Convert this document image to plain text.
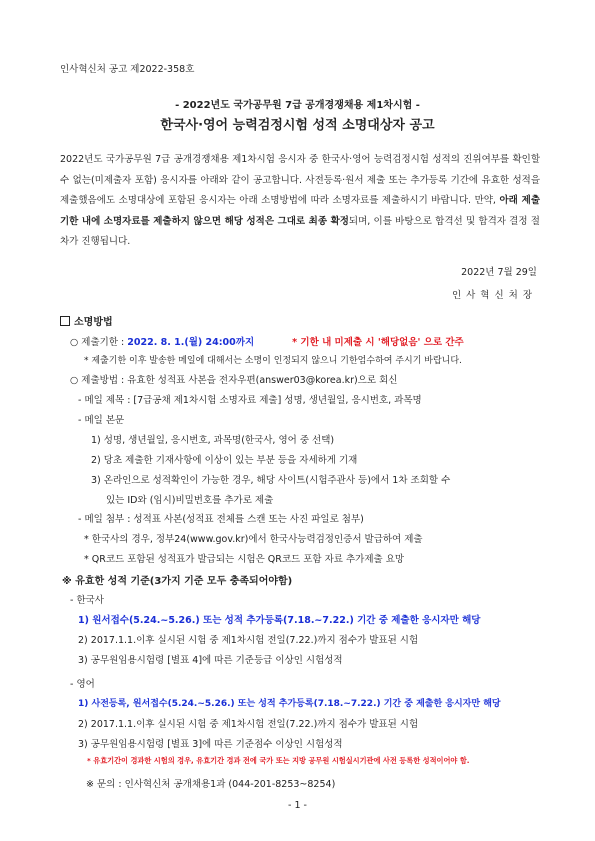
인사혁신처 공고 제2022-358호
- 2022년도 국가공무원 7급 공개경쟁채용 제1차시험 -
한국사·영어 능력검정시험 성적 소명대상자 공고
2022년도 국가공무원 7급 공개경쟁채용 제1차시험 응시자 중 한국사·영어 능력검정시험 성적의 진위여부를 확인할 수 없는(미제출자 포함) 응시자를 아래와 같이 공고합니다. 사전등록·원서 제출 또는 추가등록 기간에 유효한 성적을 제출했음에도 소명대상에 포함된 응시자는 아래 소명방법에 따라 소명자료를 제출하시기 바랍니다. 만약, 아래 제출기한 내에 소명자료를 제출하지 않으면 해당 성적은 그대로 최종 확정되며, 이를 바탕으로 합격선 및 합격자 결정 절차가 진행됩니다.
2022년 7월 29일
인사혁신처장
소명방법
○ 제출기한 : 2022. 8. 1.(월) 24:00까지	* 기한 내 미제출 시 '해당없음' 으로 간주
* 제출기한 이후 발송한 메일에 대해서는 소명이 인정되지 않으니 기한엄수하여 주시기 바랍니다.
○ 제출방법 : 유효한 성적표 사본을 전자우편(answer03@korea.kr)으로 회신
- 메일 제목 : [7급공채 제1차시험 소명자료 제출] 성명, 생년월일, 응시번호, 과목명
- 메일 본문
1) 성명, 생년월일, 응시번호, 과목명(한국사, 영어 중 선택)
2) 당초 제출한 기재사항에 이상이 있는 부분 등을 자세하게 기재
3) 온라인으로 성적확인이 가능한 경우, 해당 사이트(시험주관사 등)에서 1차 조회할 수
있는 ID와 (임시)비밀번호를 추가로 제출
- 메일 첨부 : 성적표 사본(성적표 전체를 스캔 또는 사진 파일로 첨부)
* 한국사의 경우, 정부24(www.gov.kr)에서 한국사능력검정인증서 발급하여 제출
* QR코드 포함된 성적표가 발급되는 시험은 QR코드 포함 자료 추가제출 요망
※ 유효한 성적 기준(3가지 기준 모두 충족되어야함)
- 한국사
1) 원서접수(5.24.~5.26.) 또는 성적 추가등록(7.18.~7.22.) 기간 중 제출한 응시자만 해당
2) 2017.1.1.이후 실시된 시험 중 제1차시험 전일(7.22.)까지 점수가 발표된 시험
3) 공무원임용시험령 [별표 4]에 따른 기준등급 이상인 시험성적
- 영어
1) 사전등록, 원서접수(5.24.~5.26.) 또는 성적 추가등록(7.18.~7.22.) 기간 중 제출한 응시자만 해당
2) 2017.1.1.이후 실시된 시험 중 제1차시험 전일(7.22.)까지 점수가 발표된 시험
3) 공무원임용시험령 [별표 3]에 따른 기준점수 이상인 시험성적
* 유효기간이 경과한 시험의 경우, 유효기간 경과 전에 국가 또는 지방 공무원 시험실시기관에 사전 등록한 성적이어야 함.
※ 문의 : 인사혁신처 공개채용1과 (044-201-8253~8254)
- 1 -
